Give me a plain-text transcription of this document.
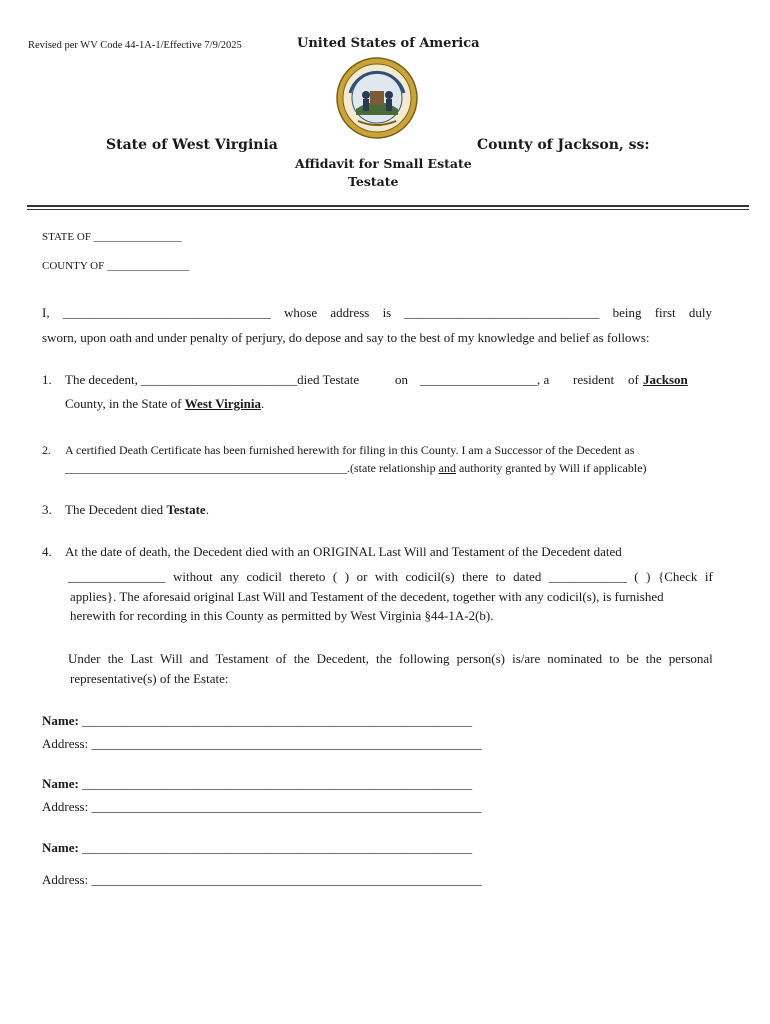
Revised per WV Code 44-1A-1/Effective 7/9/2025	United States of America
State of West Virginia	County of Jackson, ss:
Affidavit for Small Estate
Testate
STATE OF ________________
COUNTY OF _______________
I, ________________________________ whose address is ______________________________ being first duly
sworn, upon oath and under penalty of perjury, do depose and say to the best of my knowledge and belief as follows:
1. The decedent, ________________________died Testate	on __________________, a resident of Jackson
County, in the State of West Virginia.
2. A certified Death Certificate has been furnished herewith for filing in this County. I am a Successor of the Decedent as
_______________________________________________.(state relationship and authority granted by Will if applicable)
3. The Decedent died Testate.
4. At the date of death, the Decedent died with an ORIGINAL Last Will and Testament of the Decedent dated
_______________ without any codicil thereto ( ) or with codicil(s) there to dated ____________ ( ) {Check if
applies}. The aforesaid original Last Will and Testament of the decedent, together with any codicil(s), is furnished
herewith for recording in this County as permitted by West Virginia §44-1A-2(b).
Under the Last Will and Testament of the Decedent, the following person(s) is/are nominated to be the personal
representative(s) of the Estate:
Name: ____________________________________________________________
Address: ____________________________________________________________
Name: ____________________________________________________________
Address: ____________________________________________________________
Name: ____________________________________________________________
Address: ____________________________________________________________
